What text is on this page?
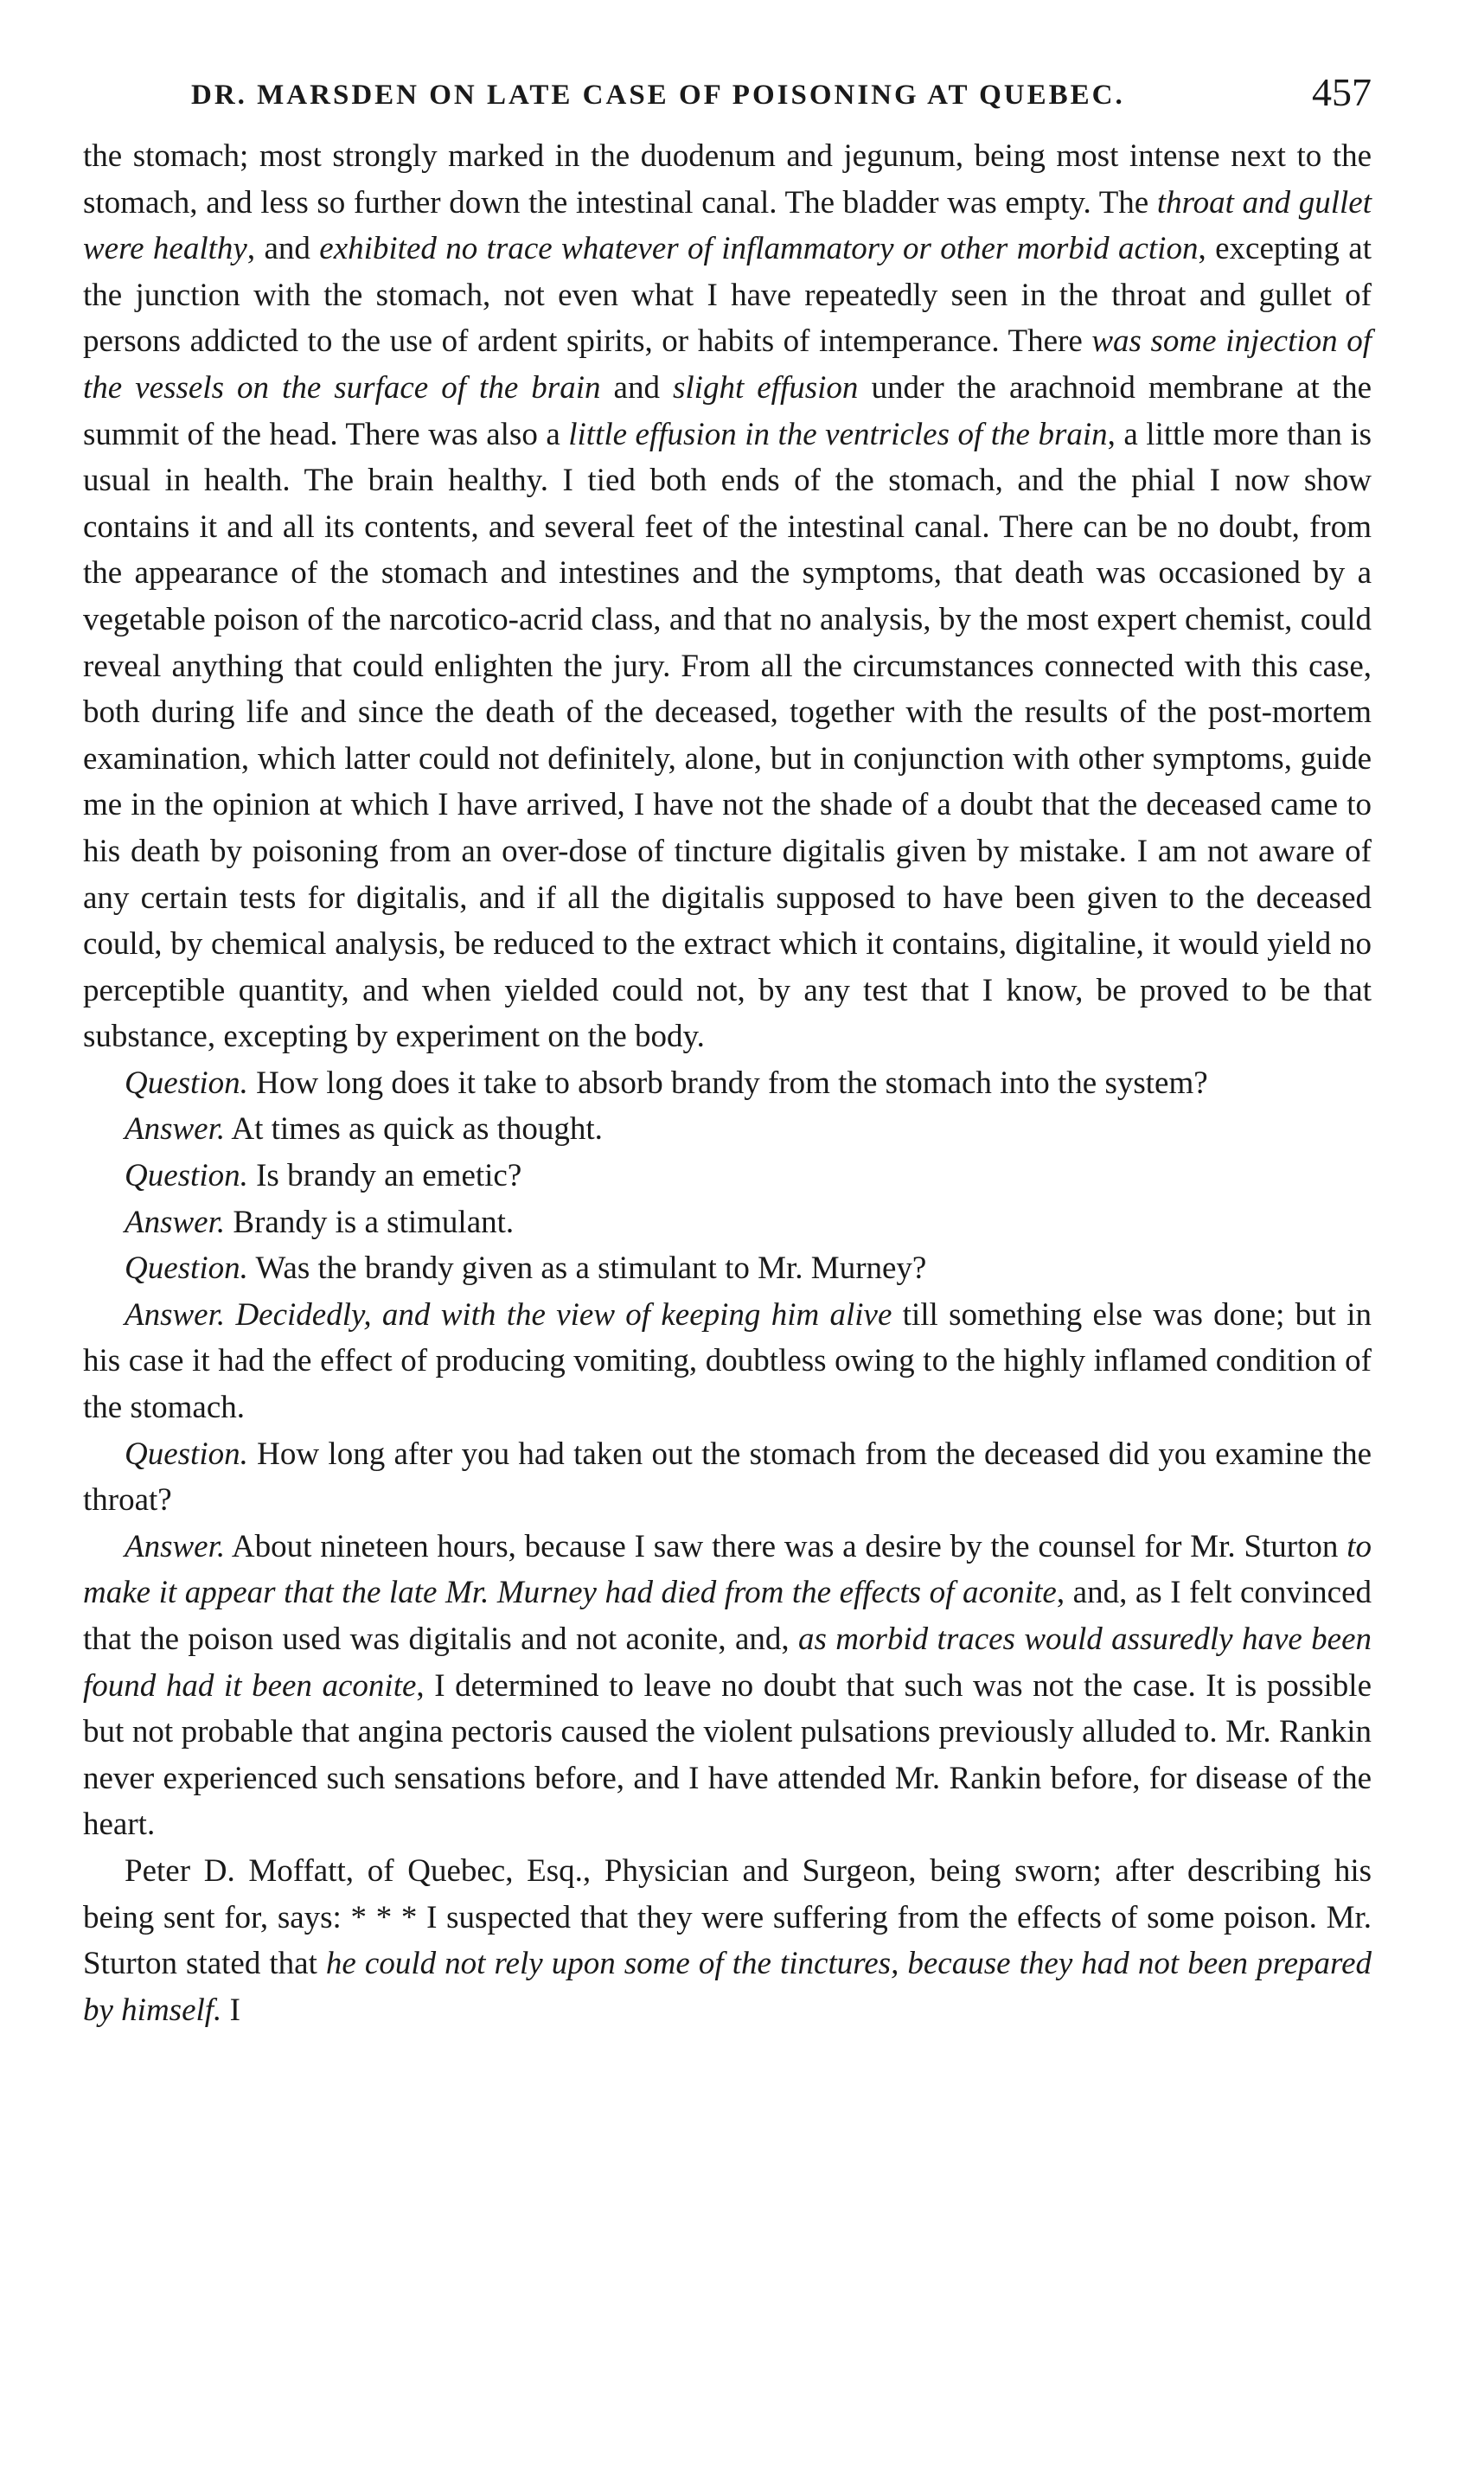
DR. MARSDEN ON LATE CASE OF POISONING AT QUEBEC.	457

the stomach; most strongly marked in the duodenum and jegunum, being most intense next to the stomach, and less so further down the intestinal canal. The bladder was empty. The throat and gullet were healthy, and exhibited no trace whatever of inflammatory or other morbid action, excepting at the junction with the stomach, not even what I have repeatedly seen in the throat and gullet of persons addicted to the use of ardent spirits, or habits of intemperance. There was some injection of the vessels on the surface of the brain and slight effusion under the arachnoid membrane at the summit of the head. There was also a little effusion in the ventricles of the brain, a little more than is usual in health. The brain healthy. I tied both ends of the stomach, and the phial I now show contains it and all its contents, and several feet of the intestinal canal. There can be no doubt, from the appearance of the stomach and intestines and the symptoms, that death was occasioned by a vegetable poison of the narcotico-acrid class, and that no analysis, by the most expert chemist, could reveal anything that could enlighten the jury. From all the circumstances connected with this case, both during life and since the death of the deceased, together with the results of the post-mortem examination, which latter could not definitely, alone, but in conjunction with other symptoms, guide me in the opinion at which I have arrived, I have not the shade of a doubt that the deceased came to his death by poisoning from an over-dose of tincture digitalis given by mistake. I am not aware of any certain tests for digitalis, and if all the digitalis supposed to have been given to the deceased could, by chemical analysis, be reduced to the extract which it contains, digitaline, it would yield no perceptible quantity, and when yielded could not, by any test that I know, be proved to be that substance, excepting by experiment on the body.

Question. How long does it take to absorb brandy from the stomach into the system?

Answer. At times as quick as thought.

Question. Is brandy an emetic?

Answer. Brandy is a stimulant.

Question. Was the brandy given as a stimulant to Mr. Murney?

Answer. Decidedly, and with the view of keeping him alive till something else was done; but in his case it had the effect of producing vomiting, doubtless owing to the highly inflamed condition of the stomach.

Question. How long after you had taken out the stomach from the deceased did you examine the throat?

Answer. About nineteen hours, because I saw there was a desire by the counsel for Mr. Sturton to make it appear that the late Mr. Murney had died from the effects of aconite, and, as I felt convinced that the poison used was digitalis and not aconite, and, as morbid traces would assuredly have been found had it been aconite, I determined to leave no doubt that such was not the case. It is possible but not probable that angina pectoris caused the violent pulsations previously alluded to. Mr. Rankin never experienced such sensations before, and I have attended Mr. Rankin before, for disease of the heart.

Peter D. Moffatt, of Quebec, Esq., Physician and Surgeon, being sworn; after describing his being sent for, says: * * * I suspected that they were suffering from the effects of some poison. Mr. Sturton stated that he could not rely upon some of the tinctures, because they had not been prepared by himself. I
